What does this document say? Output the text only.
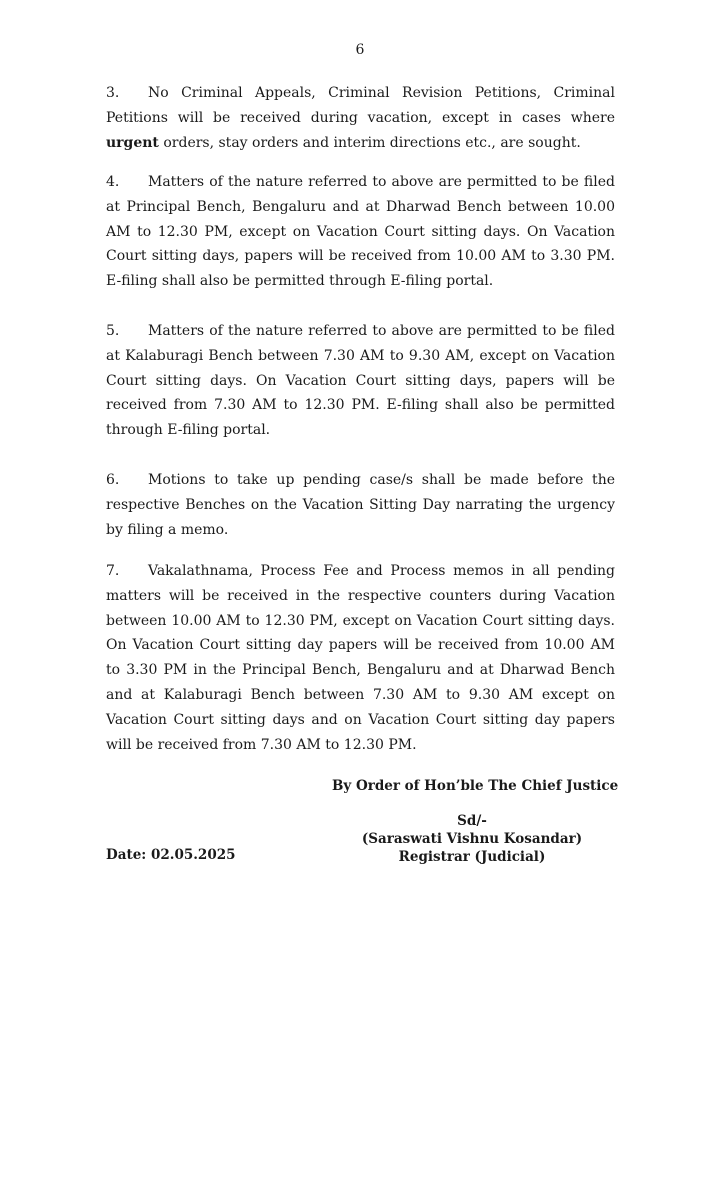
6

3. No Criminal Appeals, Criminal Revision Petitions, Criminal Petitions will be received during vacation, except in cases where urgent orders, stay orders and interim directions etc., are sought.

4. Matters of the nature referred to above are permitted to be filed at Principal Bench, Bengaluru and at Dharwad Bench between 10.00 AM to 12.30 PM, except on Vacation Court sitting days. On Vacation Court sitting days, papers will be received from 10.00 AM to 3.30 PM. E-filing shall also be permitted through E-filing portal.

5. Matters of the nature referred to above are permitted to be filed at Kalaburagi Bench between 7.30 AM to 9.30 AM, except on Vacation Court sitting days. On Vacation Court sitting days, papers will be received from 7.30 AM to 12.30 PM. E-filing shall also be permitted through E-filing portal.

6. Motions to take up pending case/s shall be made before the respective Benches on the Vacation Sitting Day narrating the urgency by filing a memo.

7. Vakalathnama, Process Fee and Process memos in all pending matters will be received in the respective counters during Vacation between 10.00 AM to 12.30 PM, except on Vacation Court sitting days. On Vacation Court sitting day papers will be received from 10.00 AM to 3.30 PM in the Principal Bench, Bengaluru and at Dharwad Bench and at Kalaburagi Bench between 7.30 AM to 9.30 AM except on Vacation Court sitting days and on Vacation Court sitting day papers will be received from 7.30 AM to 12.30 PM.

By Order of Hon’ble The Chief Justice
Sd/-
(Saraswati Vishnu Kosandar)
Registrar (Judicial)
Date: 02.05.2025
